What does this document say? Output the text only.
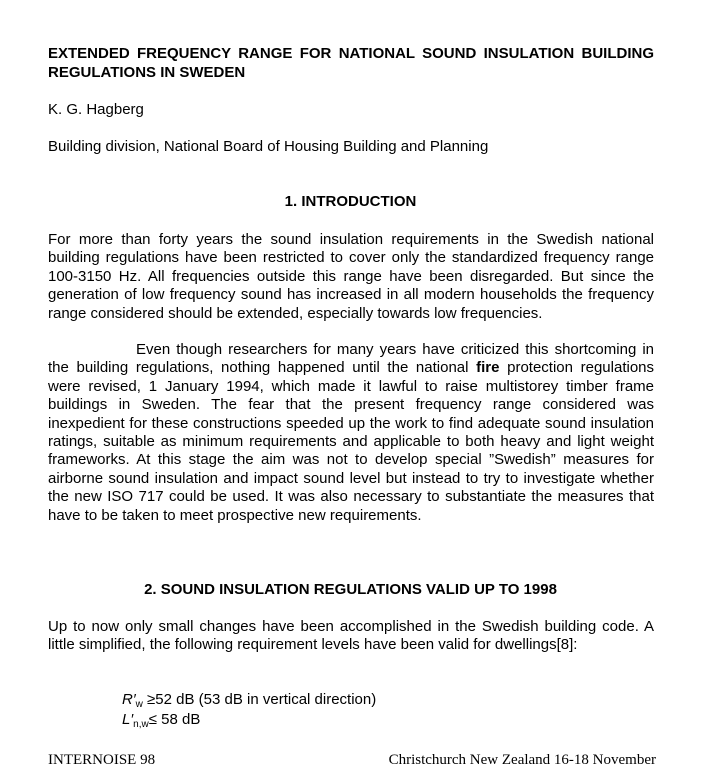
EXTENDED FREQUENCY RANGE FOR NATIONAL SOUND INSULATION BUILDING REGULATIONS IN SWEDEN
K. G. Hagberg
Building division, National Board of Housing Building and Planning
1. INTRODUCTION

For more than forty years the sound insulation requirements in the Swedish national building regulations have been restricted to cover only the standardized frequency range 100-3150 Hz. All frequencies outside this range have been disregarded. But since the generation of low frequency sound has increased in all modern households the frequency range considered should be extended, especially towards low frequencies.

Even though researchers for many years have criticized this shortcoming in the building regulations, nothing happened until the national fire protection regulations were revised, 1 January 1994, which made it lawful to raise multistorey timber frame buildings in Sweden. The fear that the present frequency range considered was inexpedient for these constructions speeded up the work to find adequate sound insulation ratings, suitable as minimum requirements and applicable to both heavy and light weight frameworks. At this stage the aim was not to develop special ”Swedish” measures for airborne sound insulation and impact sound level but instead to try to investigate whether the new ISO 717 could be used. It was also necessary to substantiate the measures that have to be taken to meet prospective new requirements.

2. SOUND INSULATION REGULATIONS VALID UP TO 1998

Up to now only small changes have been accomplished in the Swedish building code. A little simplified, the following requirement levels have been valid for dwellings[8]:

$R'_w \ge 52$ dB (53 dB in vertical direction)
$L'_{n,w}\le 58$ dB
INTERNOISE 98	Christchurch New Zealand 16-18 November
